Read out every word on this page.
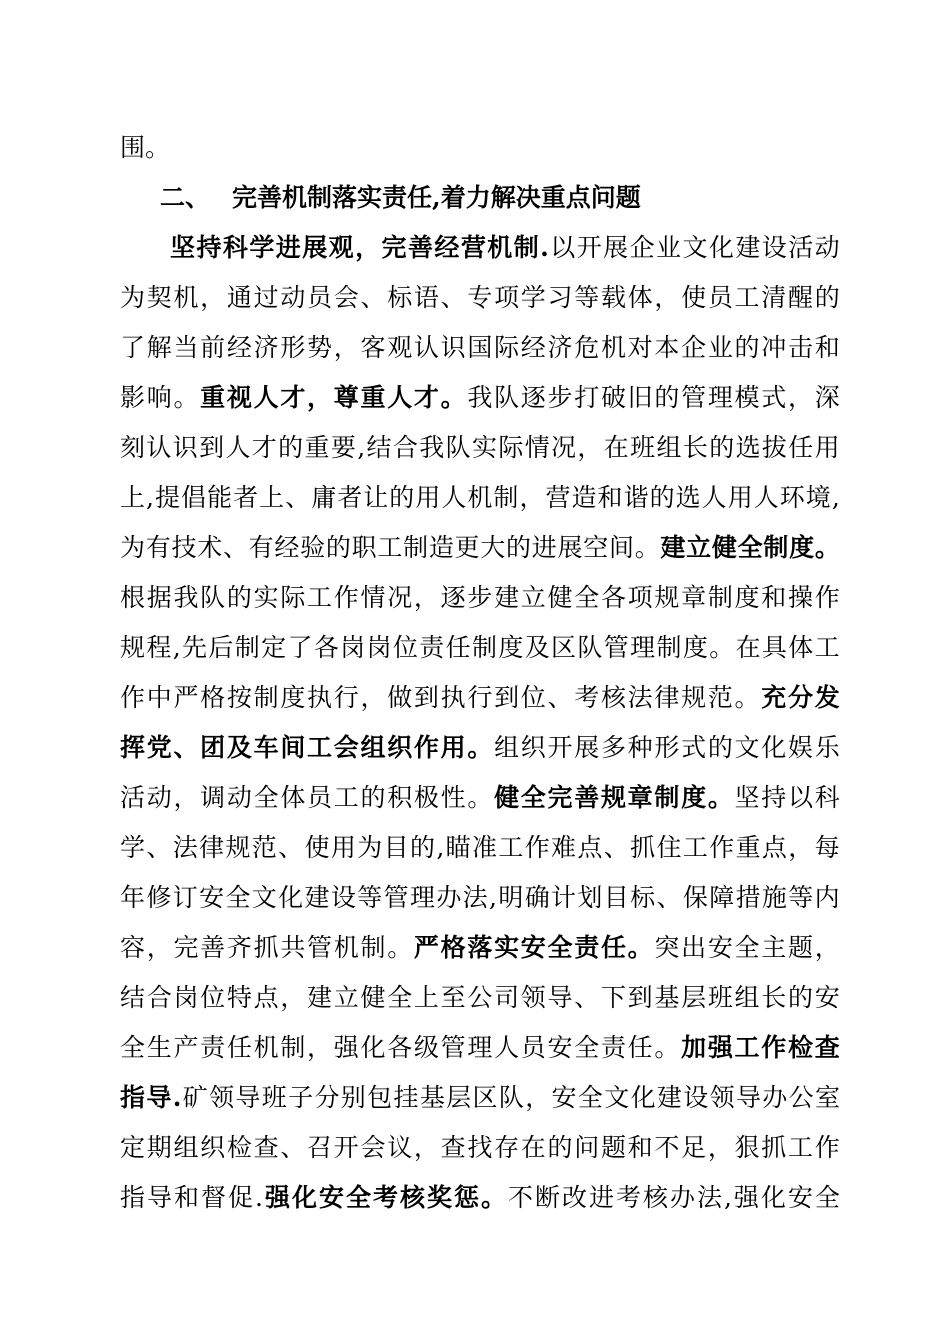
围。
二、 完善机制落实责任,着力解决重点问题
坚 持 科 学 进 展 观 ， 完 善 经 营 机 制 . 以 开 展 企 业 文 化 建 设 活 动
为 契 机 ， 通 过 动 员 会 、 标 语 、 专 项 学 习 等 载 体 ， 使 员 工 清 醒 的
了 解 当 前 经 济 形 势 ， 客 观 认 识 国 际 经 济 危 机 对 本 企 业 的 冲 击 和
影 响 。 重 视 人 才 ， 尊 重 人 才 。 我 队 逐 步 打 破 旧 的 管 理 模 式 ， 深
刻 认 识 到 人 才 的 重 要 , 结 合 我 队 实 际 情 况 ， 在 班 组 长 的 选 拔 任 用
上 , 提 倡 能 者 上 、 庸 者 让 的 用 人 机 制 ， 营 造 和 谐 的 选 人 用 人 环 境 ,
为 有 技 术 、 有 经 验 的 职 工 制 造 更 大 的 进 展 空 间 。 建 立 健 全 制 度 。
根 据 我 队 的 实 际 工 作 情 况 ， 逐 步 建 立 健 全 各 项 规 章 制 度 和 操 作
规 程 , 先 后 制 定 了 各 岗 岗 位 责 任 制 度 及 区 队 管 理 制 度 。 在 具 体 工
作 中 严 格 按 制 度 执 行 ， 做 到 执 行 到 位 、 考 核 法 律 规 范 。 充 分 发
挥 党 、 团 及 车 间 工 会 组 织 作 用 。 组 织 开 展 多 种 形 式 的 文 化 娱 乐
活 动 ， 调 动 全 体 员 工 的 积 极 性 。 健 全 完 善 规 章 制 度 。 坚 持 以 科
学 、 法 律 规 范 、 使 用 为 目 的 , 瞄 准 工 作 难 点 、 抓 住 工 作 重 点 ， 每
年 修 订 安 全 文 化 建 设 等 管 理 办 法 , 明 确 计 划 目 标 、 保 障 措 施 等 内
容 ， 完 善 齐 抓 共 管 机 制 。 严 格 落 实 安 全 责 任 。 突 出 安 全 主 题 ，
结 合 岗 位 特 点 ， 建 立 健 全 上 至 公 司 领 导 、 下 到 基 层 班 组 长 的 安
全 生 产 责 任 机 制 ， 强 化 各 级 管 理 人 员 安 全 责 任 。 加 强 工 作 检 查
指 导 . 矿 领 导 班 子 分 别 包 挂 基 层 区 队 ， 安 全 文 化 建 设 领 导 办 公 室
定 期 组 织 检 查 、 召 开 会 议 ， 查 找 存 在 的 问 题 和 不 足 ， 狠 抓 工 作
指 导 和 督 促 . 强 化 安 全 考 核 奖 惩 。 不 断 改 进 考 核 办 法 , 强 化 安 全
